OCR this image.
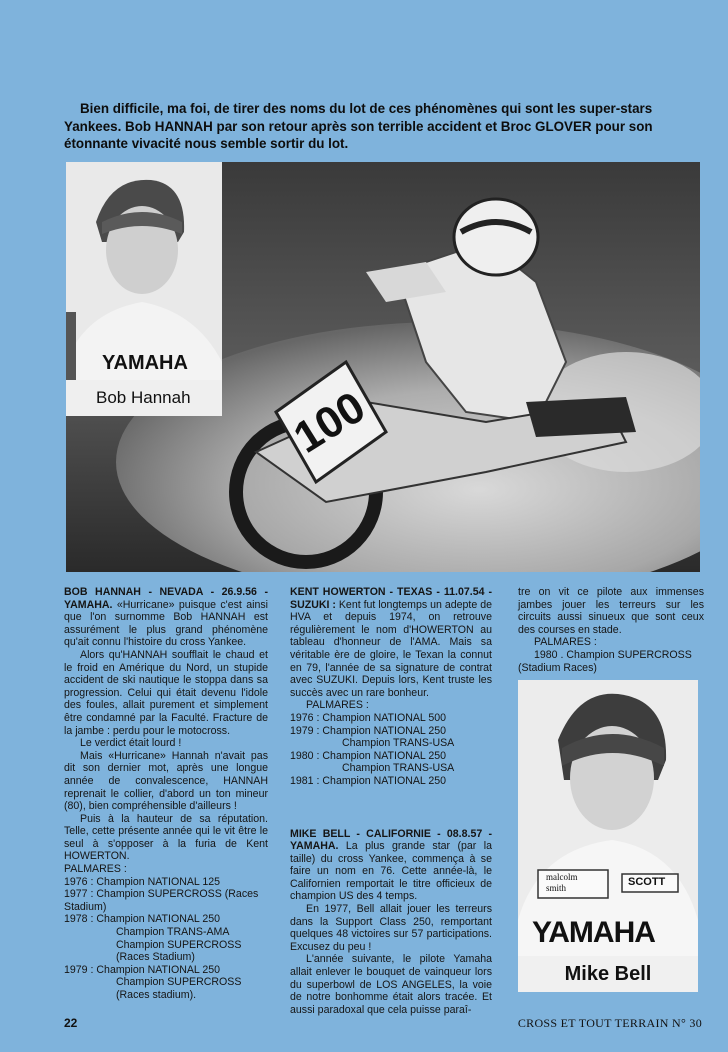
Bien difficile, ma foi, de tirer des noms du lot de ces phénomènes qui sont les super-stars Yankees. Bob HANNAH par son retour après son terrible accident et Broc GLOVER pour son étonnante vivacité nous semble sortir du lot.

100
YAMAHA
Bob Hannah

BOB HANNAH - NEVADA - 26.9.56 - YAMAHA. «Hurricane» puisque c'est ainsi que l'on surnomme Bob HANNAH est assurément le plus grand phénomène qu'ait connu l'histoire du cross Yankee.

Alors qu'HANNAH soufflait le chaud et le froid en Amérique du Nord, un stupide accident de ski nautique le stoppa dans sa progression. Celui qui était devenu l'idole des foules, allait purement et simplement être condamné par la Faculté. Fracture de la jambe : perdu pour le motocross.

Le verdict était lourd !

Mais «Hurricane» Hannah n'avait pas dit son dernier mot, après une longue année de convalescence, HANNAH reprenait le collier, d'abord un ton mineur (80), bien compréhensible d'ailleurs !

Puis à la hauteur de sa réputation. Telle, cette présente année qui le vit être le seul à s'opposer à la furia de Kent HOWERTON.

PALMARES :
1976 : Champion NATIONAL 125
1977 : Champion SUPERCROSS (Races Stadium)
1978 : Champion NATIONAL 250
Champion TRANS-AMA
Champion SUPERCROSS (Races Stadium)
1979 : Champion NATIONAL 250
Champion SUPERCROSS (Races stadium).

KENT HOWERTON - TEXAS - 11.07.54 - SUZUKI : Kent fut longtemps un adepte de HVA et depuis 1974, on retrouve régulièrement le nom d'HOWERTON au tableau d'honneur de l'AMA. Mais sa véritable ère de gloire, le Texan la connut en 79, l'année de sa signature de contrat avec SUZUKI. Depuis lors, Kent truste les succès avec un rare bonheur.

PALMARES :
1976 : Champion NATIONAL 500
1979 : Champion NATIONAL 250
Champion TRANS-USA
1980 : Champion NATIONAL 250
Champion TRANS-USA
1981 : Champion NATIONAL 250

MIKE BELL - CALIFORNIE - 08.8.57 - YAMAHA. La plus grande star (par la taille) du cross Yankee, commença à se faire un nom en 76. Cette année-là, le Californien remportait le titre officieux de champion US des 4 temps.

En 1977, Bell allait jouer les terreurs dans la Support Class 250, remportant quelques 48 victoires sur 57 participations. Excusez du peu !

L'année suivante, le pilote Yamaha allait enlever le bouquet de vainqueur lors du superbowl de LOS ANGELES, la voie de notre bonhomme était alors tracée. Et aussi paradoxal que cela puisse paraî-

tre on vit ce pilote aux immenses jambes jouer les terreurs sur les circuits aussi sinueux que sont ceux des courses en stade.

PALMARES :
1980 . Champion SUPERCROSS (Stadium Races)
malcolm
smith	SCOTT
YAMAHA
Mike Bell
22	CROSS ET TOUT TERRAIN N° 30
